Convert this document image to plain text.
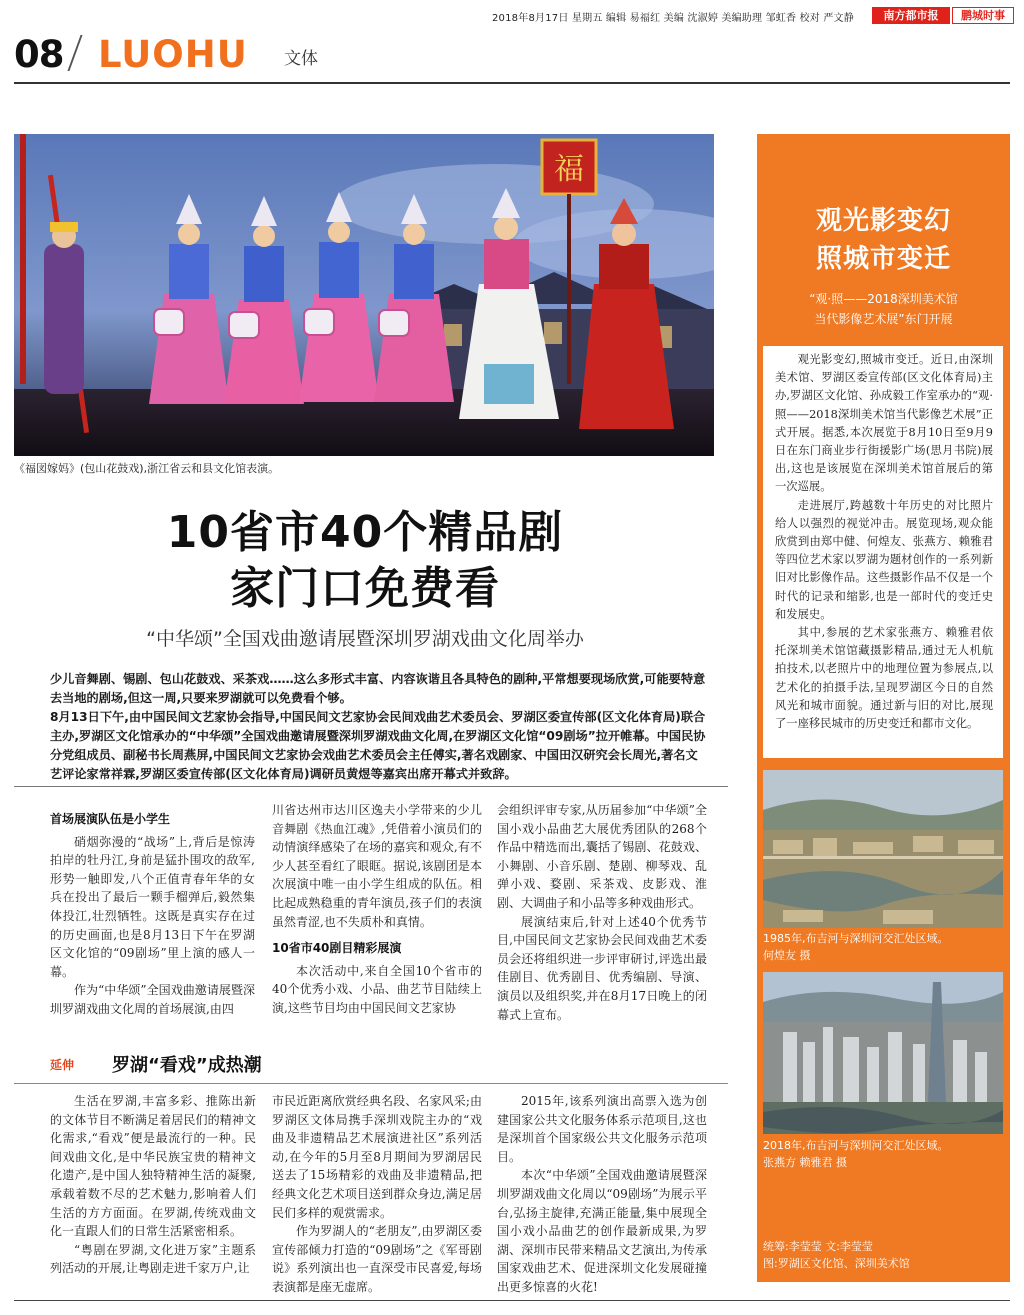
2018年8月17日 星期五 编辑 易福红 美编 沈淑婷 美编助理 邹虹香 校对 严文静	南方都市报	鹏城时事
08 LUOHU 文体
福
《福図嫁妈》(包山花鼓戏),浙江省云和县文化馆表演。
10省市40个精品剧
家门口免费看
“中华颂”全国戏曲邀请展暨深圳罗湖戏曲文化周举办

少儿音舞剧、锡剧、包山花鼓戏、采茶戏……这么多形式丰富、内容诙谐且各具特色的剧种,平常想要现场欣赏,可能要特意去当地的剧场,但这一周,只要来罗湖就可以免费看个够。

8月13日下午,由中国民间文艺家协会指导,中国民间文艺家协会民间戏曲艺术委员会、罗湖区委宣传部(区文化体育局)联合主办,罗湖区文化馆承办的“中华颂”全国戏曲邀请展暨深圳罗湖戏曲文化周,在罗湖区文化馆“09剧场”拉开帷幕。中国民协分党组成员、副秘书长周燕屏,中国民间文艺家协会戏曲艺术委员会主任傅实,著名戏剧家、中国田汉研究会长周光,著名文艺评论家常祥霖,罗湖区委宣传部(区文化体育局)调研员黄煜等嘉宾出席开幕式并致辞。

首场展演队伍是小学生

硝烟弥漫的“战场”上,背后是惊涛拍岸的牡丹江,身前是猛扑围攻的敌军,形势一触即发,八个正值青春年华的女兵在投出了最后一颗手榴弹后,毅然集体投江,壮烈牺牲。这既是真实存在过的历史画面,也是8月13日下午在罗湖区文化馆的“09剧场”里上演的感人一幕。

作为“中华颂”全国戏曲邀请展暨深圳罗湖戏曲文化周的首场展演,由四

川省达州市达川区逸夫小学带来的少儿音舞剧《热血江魂》,凭借着小演员们的动情演绎感染了在场的嘉宾和观众,有不少人甚至看红了眼眶。据说,该剧团是本次展演中唯一由小学生组成的队伍。相比起成熟稳重的青年演员,孩子们的表演虽然青涩,也不失质朴和真情。

10省市40剧目精彩展演

本次活动中,来自全国10个省市的40个优秀小戏、小品、曲艺节目陆续上演,这些节目均由中国民间文艺家协

会组织评审专家,从历届参加“中华颂”全国小戏小品曲艺大展优秀团队的268个作品中精选而出,囊括了锡剧、花鼓戏、小舞剧、小音乐剧、楚剧、柳琴戏、乱弹小戏、婺剧、采茶戏、皮影戏、淮剧、大调曲子和小品等多种戏曲形式。

展演结束后,针对上述40个优秀节目,中国民间文艺家协会民间戏曲艺术委员会还将组织进一步评审研讨,评选出最佳剧目、优秀剧目、优秀编剧、导演、演员以及组织奖,并在8月17日晚上的闭幕式上宣布。

延伸 罗湖“看戏”成热潮

生活在罗湖,丰富多彩、推陈出新的文体节目不断满足着居民们的精神文化需求,“看戏”便是最流行的一种。民间戏曲文化,是中华民族宝贵的精神文化遗产,是中国人独特精神生活的凝聚,承载着数不尽的艺术魅力,影响着人们生活的方方面面。在罗湖,传统戏曲文化一直跟人们的日常生活紧密相系。

“粤剧在罗湖,文化进万家”主题系列活动的开展,让粤剧走进千家万户,让

市民近距离欣赏经典名段、名家风采;由罗湖区文体局携手深圳戏院主办的“戏曲及非遗精品艺术展演进社区”系列活动,在今年的5月至8月期间为罗湖居民送去了15场精彩的戏曲及非遗精品,把经典文化艺术项目送到群众身边,满足居民们多样的观赏需求。

作为罗湖人的“老朋友”,由罗湖区委宣传部倾力打造的“09剧场”之《军哥剧说》系列演出也一直深受市民喜爱,每场表演都是座无虚席。

2015年,该系列演出高票入选为创建国家公共文化服务体系示范项目,这也是深圳首个国家级公共文化服务示范项目。

本次“中华颂”全国戏曲邀请展暨深圳罗湖戏曲文化周以“09剧场”为展示平台,弘扬主旋律,充满正能量,集中展现全国小戏小品曲艺的创作最新成果,为罗湖、深圳市民带来精品文艺演出,为传承国家戏曲艺术、促进深圳文化发展碰撞出更多惊喜的火花!

观光影变幻
照城市变迁
“观·照——2018深圳美术馆
当代影像艺术展”东门开展

观光影变幻,照城市变迁。近日,由深圳美术馆、罗湖区委宣传部(区文化体育局)主办,罗湖区文化馆、孙成毅工作室承办的“观·照——2018深圳美术馆当代影像艺术展”正式开展。据悉,本次展览于8月10日至9月9日在东门商业步行街援影广场(思月书院)展出,这也是该展览在深圳美术馆首展后的第一次巡展。

走进展厅,跨越数十年历史的对比照片给人以强烈的视觉冲击。展览现场,观众能欣赏到由郑中健、何煌友、张燕方、赖雅君等四位艺术家以罗湖为题材创作的一系列新旧对比影像作品。这些摄影作品不仅是一个时代的记录和缩影,也是一部时代的变迁史和发展史。

其中,参展的艺术家张燕方、赖雅君依托深圳美术馆馆藏摄影精品,通过无人机航拍技术,以老照片中的地理位置为参展点,以艺术化的拍摄手法,呈现罗湖区今日的自然风光和城市面貌。通过新与旧的对比,展现了一座移民城市的历史变迁和都市文化。

1985年,布吉河与深圳河交汇处区域。
何煌友 摄
2018年,布吉河与深圳河交汇处区域。
张燕方 赖雅君 摄
统筹:李莹莹 文:李莹莹
图:罗湖区文化馆、深圳美术馆
